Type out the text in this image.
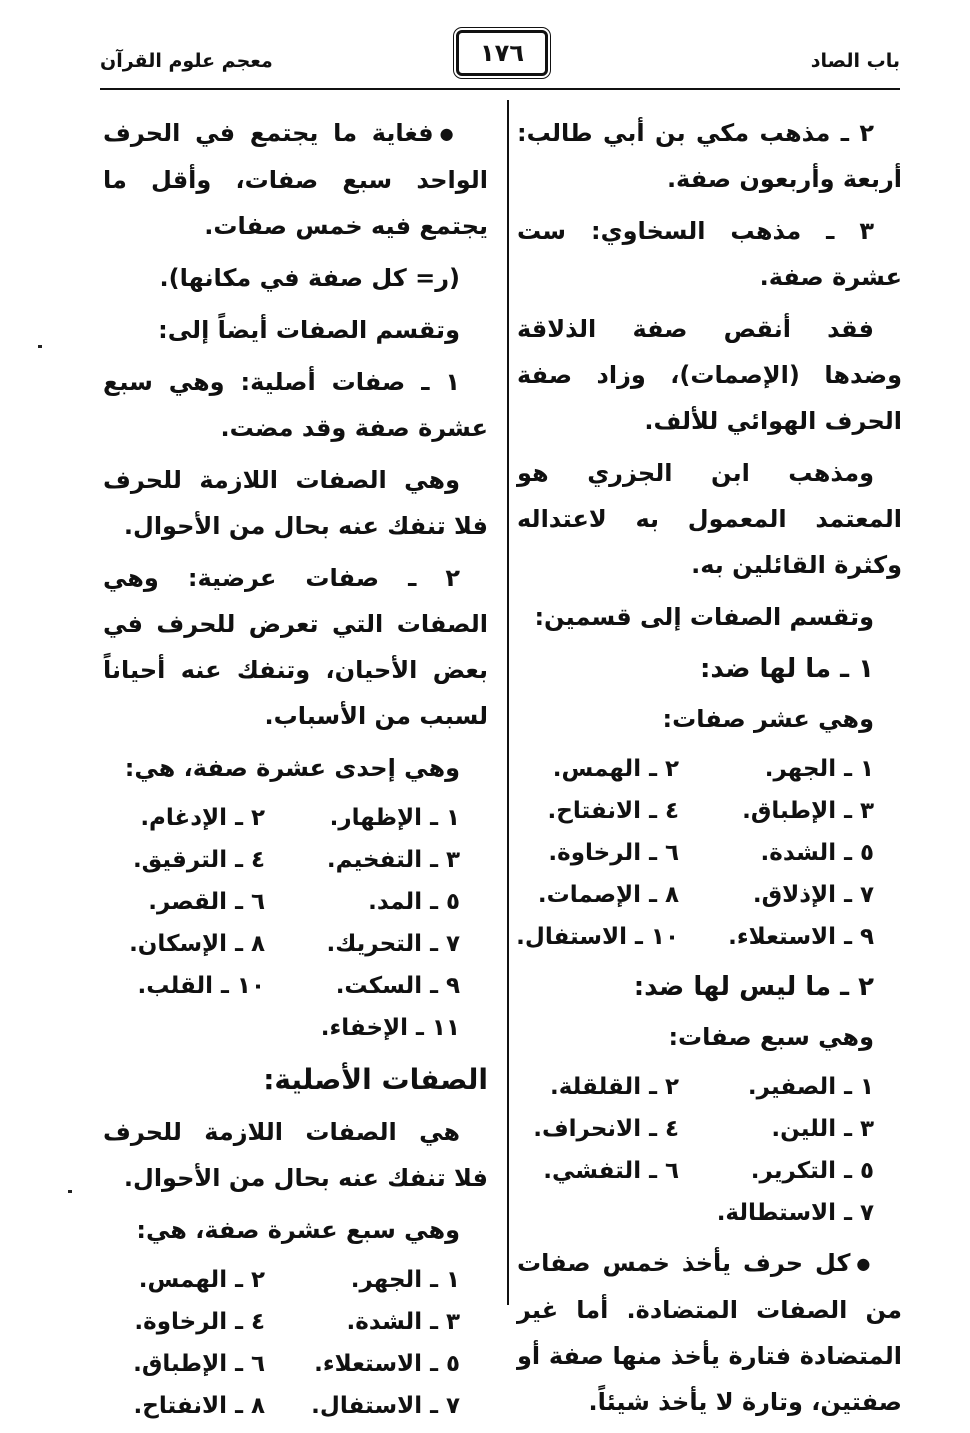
باب الصاد
١٧٦
معجم علوم القرآن

٢ ـ مذهب مكي بن أبي طالب: أربعة وأربعون صفة.

٣ ـ مذهب السخاوي: ست عشرة صفة.

فقد أنقص صفة الذلاقة وضدها (الإصمات)، وزاد صفة الحرف الهوائي للألف.

ومذهب ابن الجزري هو المعتمد المعمول به لاعتداله وكثرة القائلين به.

وتقسم الصفات إلى قسمين:

١ ـ ما لها ضد:

وهي عشر صفات:

١ ـ الجهر.
٢ ـ الهمس.
٣ ـ الإطباق.
٤ ـ الانفتاح.
٥ ـ الشدة.
٦ ـ الرخاوة.
٧ ـ الإذلاق.
٨ ـ الإصمات.
٩ ـ الاستعلاء.
١٠ ـ الاستفال.
٢ ـ ما ليس لها ضد:

وهي سبع صفات:

١ ـ الصفير.
٢ ـ القلقلة.
٣ ـ اللين.
٤ ـ الانحراف.
٥ ـ التكرير.
٦ ـ التفشي.
٧ ـ الاستطالة.

● كل حرف يأخذ خمس صفات من الصفات المتضادة. أما غير المتضادة فتارة يأخذ منها صفة أو صفتين، وتارة لا يأخذ شيئاً.

● فغاية ما يجتمع في الحرف الواحد سبع صفات، وأقل ما يجتمع فيه خمس صفات.

(ر= كل صفة في مكانها).

وتقسم الصفات أيضاً إلى:

١ ـ صفات أصلية: وهي سبع عشرة صفة وقد مضت.

وهي الصفات اللازمة للحرف فلا تنفك عنه بحال من الأحوال.

٢ ـ صفات عرضية: وهي الصفات التي تعرض للحرف في بعض الأحيان، وتنفك عنه أحياناً لسبب من الأسباب.

وهي إحدى عشرة صفة، هي:

١ ـ الإظهار.
٢ ـ الإدغام.
٣ ـ التفخيم.
٤ ـ الترقيق.
٥ ـ المد.
٦ ـ القصر.
٧ ـ التحريك.
٨ ـ الإسكان.
٩ ـ السكت.
١٠ ـ القلب.
١١ ـ الإخفاء.
الصفات الأصلية:

هي الصفات اللازمة للحرف فلا تنفك عنه بحال من الأحوال.

وهي سبع عشرة صفة، هي:

١ ـ الجهر.
٢ ـ الهمس.
٣ ـ الشدة.
٤ ـ الرخاوة.
٥ ـ الاستعلاء.
٦ ـ الإطباق.
٧ ـ الاستفال.
٨ ـ الانفتاح.
